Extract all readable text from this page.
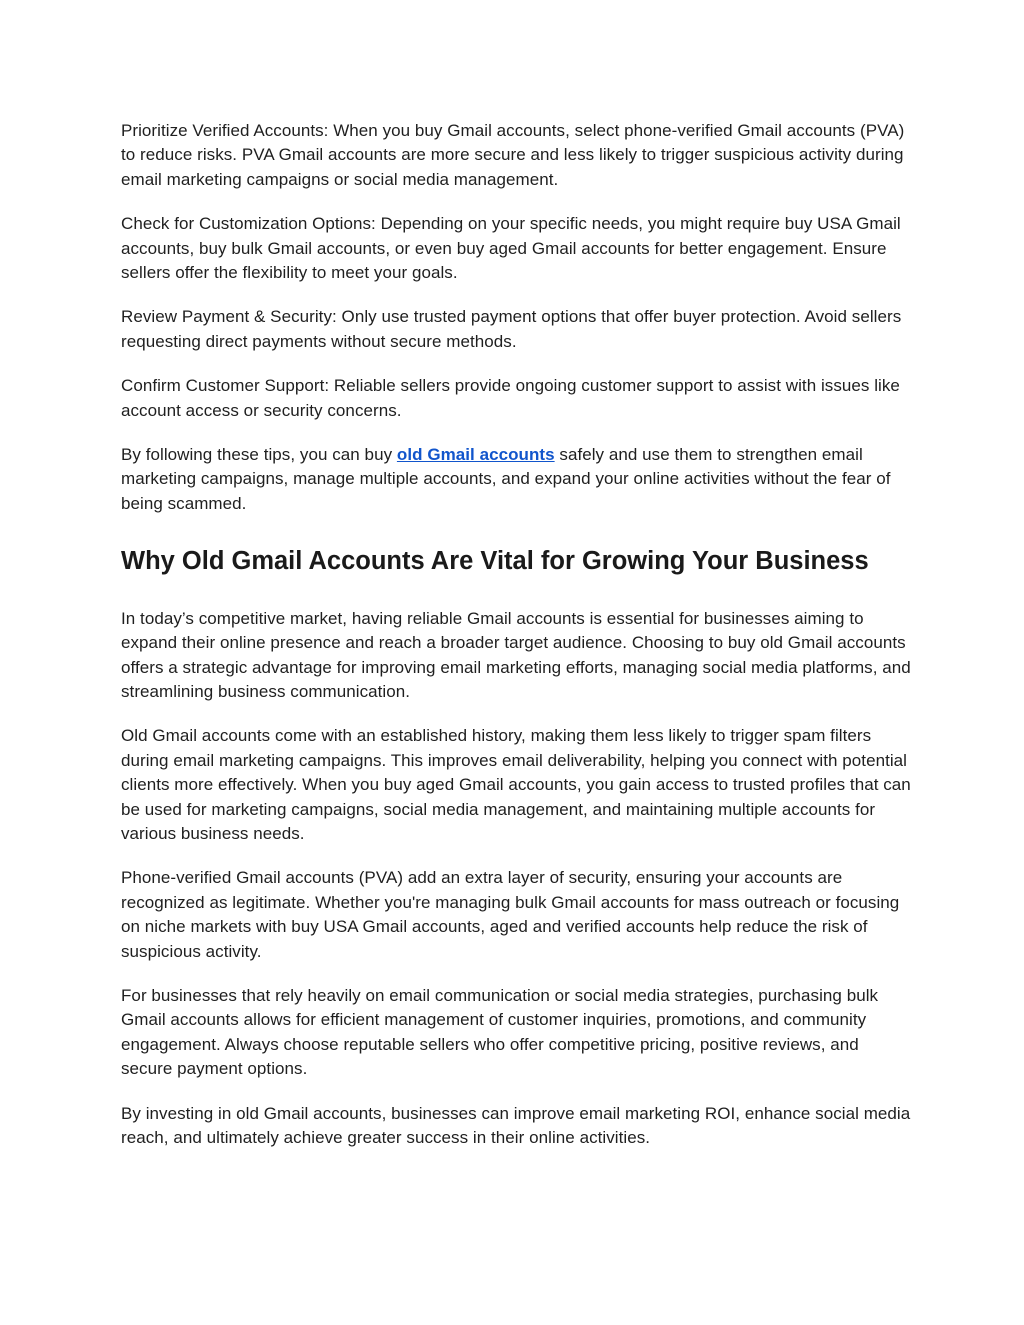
Prioritize Verified Accounts: When you buy Gmail accounts, select phone-verified Gmail accounts (PVA) to reduce risks. PVA Gmail accounts are more secure and less likely to trigger suspicious activity during email marketing campaigns or social media management.

Check for Customization Options: Depending on your specific needs, you might require buy USA Gmail accounts, buy bulk Gmail accounts, or even buy aged Gmail accounts for better engagement. Ensure sellers offer the flexibility to meet your goals.

Review Payment & Security: Only use trusted payment options that offer buyer protection. Avoid sellers requesting direct payments without secure methods.

Confirm Customer Support: Reliable sellers provide ongoing customer support to assist with issues like account access or security concerns.

By following these tips, you can buy old Gmail accounts safely and use them to strengthen email marketing campaigns, manage multiple accounts, and expand your online activities without the fear of being scammed.

Why Old Gmail Accounts Are Vital for Growing Your Business

In today’s competitive market, having reliable Gmail accounts is essential for businesses aiming to expand their online presence and reach a broader target audience. Choosing to buy old Gmail accounts offers a strategic advantage for improving email marketing efforts, managing social media platforms, and streamlining business communication.

Old Gmail accounts come with an established history, making them less likely to trigger spam filters during email marketing campaigns. This improves email deliverability, helping you connect with potential clients more effectively. When you buy aged Gmail accounts, you gain access to trusted profiles that can be used for marketing campaigns, social media management, and maintaining multiple accounts for various business needs.

Phone-verified Gmail accounts (PVA) add an extra layer of security, ensuring your accounts are recognized as legitimate. Whether you're managing bulk Gmail accounts for mass outreach or focusing on niche markets with buy USA Gmail accounts, aged and verified accounts help reduce the risk of suspicious activity.

For businesses that rely heavily on email communication or social media strategies, purchasing bulk Gmail accounts allows for efficient management of customer inquiries, promotions, and community engagement. Always choose reputable sellers who offer competitive pricing, positive reviews, and secure payment options.

By investing in old Gmail accounts, businesses can improve email marketing ROI, enhance social media reach, and ultimately achieve greater success in their online activities.
